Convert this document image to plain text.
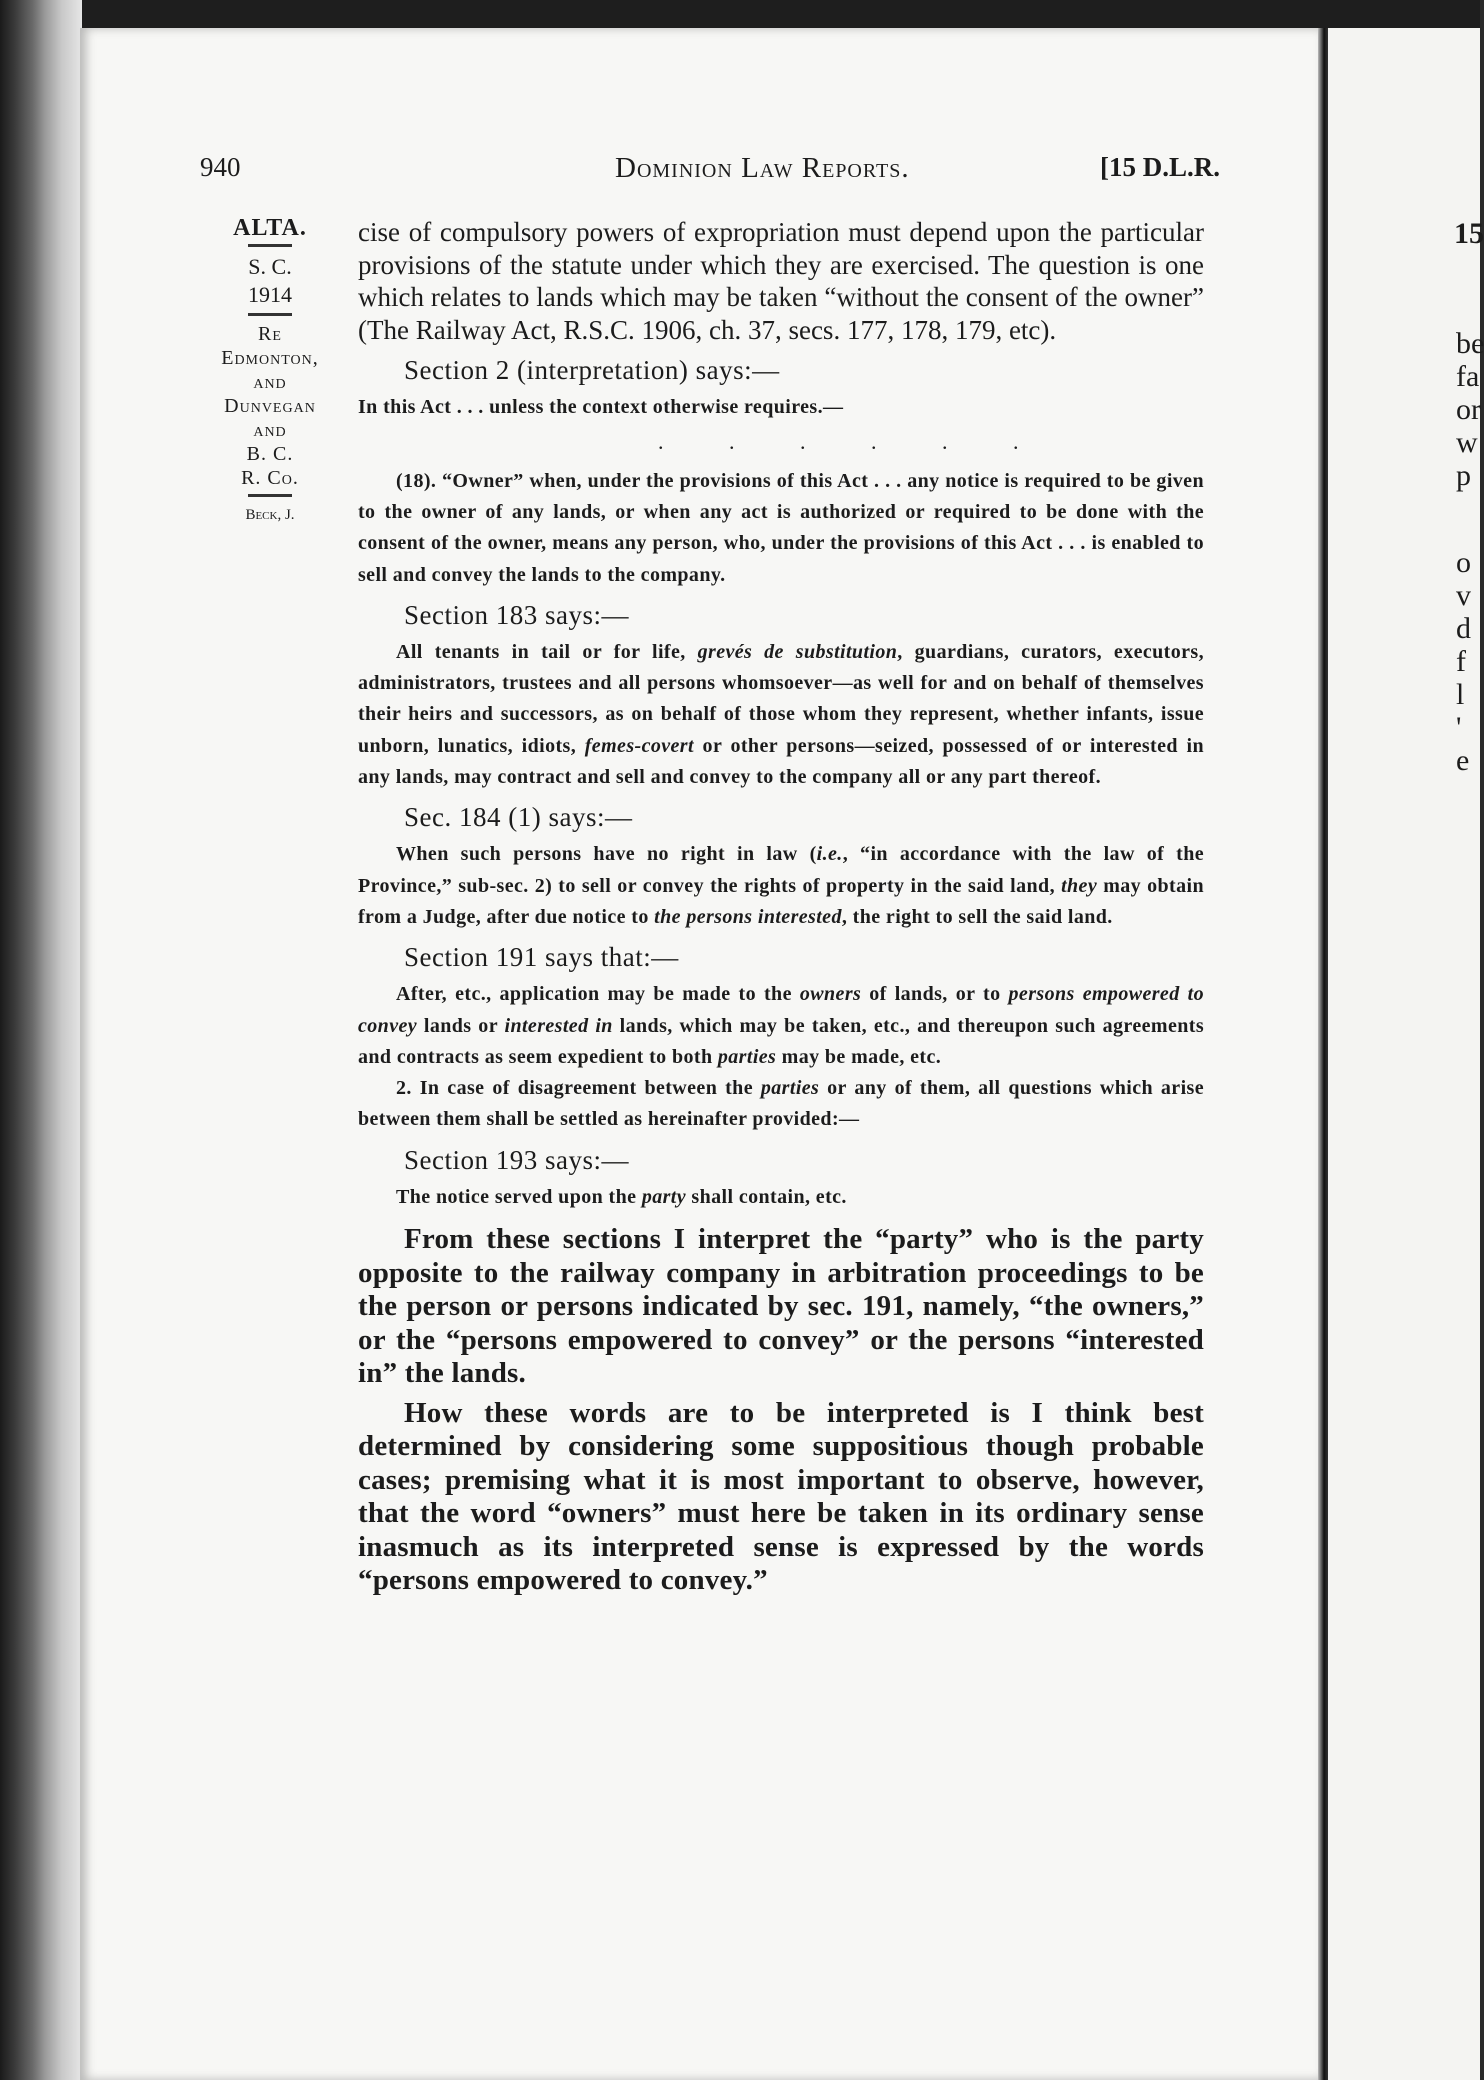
15
be
fa
or
w
p
o
v
d
f
l
'
e
940	Dominion Law Reports.	[15 D.L.R.
ALTA.
S. C.
1914
Re
Edmonton,
and
Dunvegan
and
B. C.
R. Co.
Beck, J.

cise of compulsory powers of expropriation must depend upon the particular provisions of the statute under which they are exercised. The question is one which relates to lands which may be taken “without the consent of the owner” (The Railway Act, R.S.C. 1906, ch. 37, secs. 177, 178, 179, etc).

Section 2 (interpretation) says:—

In this Act . . . unless the context otherwise requires.—

. . . . . .

(18). “Owner” when, under the provisions of this Act . . . any notice is required to be given to the owner of any lands, or when any act is authorized or required to be done with the consent of the owner, means any person, who, under the provisions of this Act . . . is enabled to sell and convey the lands to the company.

Section 183 says:—

All tenants in tail or for life, grevés de substitution, guardians, curators, executors, administrators, trustees and all persons whomsoever—as well for and on behalf of themselves their heirs and successors, as on behalf of those whom they represent, whether infants, issue unborn, lunatics, idiots, femes-covert or other persons—seized, possessed of or interested in any lands, may contract and sell and convey to the company all or any part thereof.

Sec. 184 (1) says:—

When such persons have no right in law (i.e., “in accordance with the law of the Province,” sub-sec. 2) to sell or convey the rights of property in the said land, they may obtain from a Judge, after due notice to the persons interested, the right to sell the said land.

Section 191 says that:—

After, etc., application may be made to the owners of lands, or to persons empowered to convey lands or interested in lands, which may be taken, etc., and thereupon such agreements and contracts as seem expedient to both parties may be made, etc.

2. In case of disagreement between the parties or any of them, all questions which arise between them shall be settled as hereinafter provided:—

Section 193 says:—

The notice served upon the party shall contain, etc.

From these sections I interpret the “party” who is the party opposite to the railway company in arbitration proceedings to be the person or persons indicated by sec. 191, namely, “the owners,” or the “persons empowered to convey” or the persons “interested in” the lands.

How these words are to be interpreted is I think best determined by considering some suppositious though probable cases; premising what it is most important to observe, however, that the word “owners” must here be taken in its ordinary sense inasmuch as its interpreted sense is expressed by the words “persons empowered to convey.”
